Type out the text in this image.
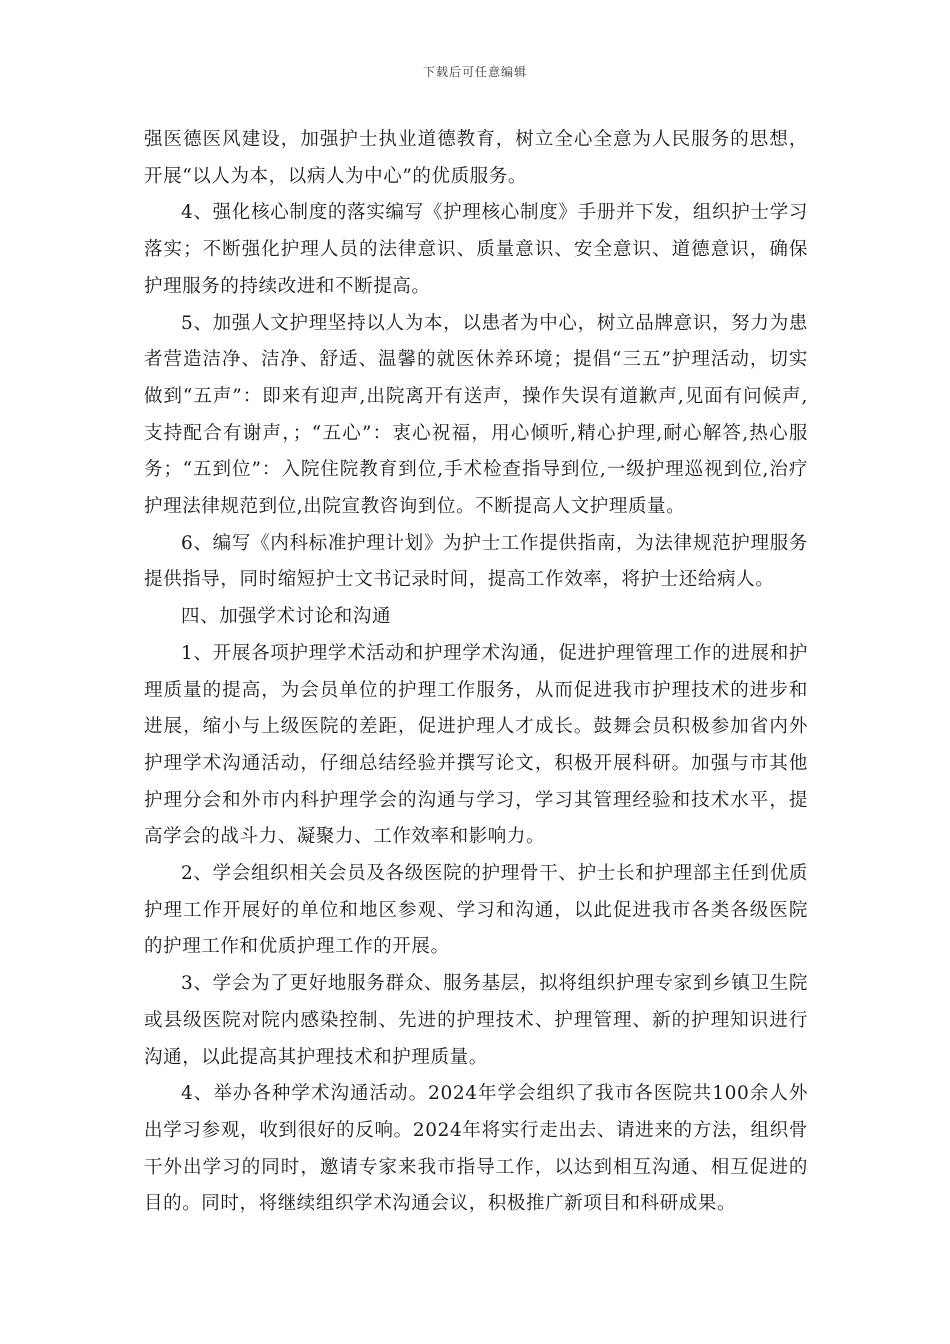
下载后可任意编辑

强医德医风建设，加强护士执业道德教育，树立全心全意为人民服务的思想，开展“以人为本，以病人为中心”的优质服务。

4、强化核心制度的落实编写《护理核心制度》手册并下发，组织护士学习落实；不断强化护理人员的法律意识、质量意识、安全意识、道德意识，确保护理服务的持续改进和不断提高。

5、加强人文护理坚持以人为本，以患者为中心，树立品牌意识，努力为患者营造洁净、洁净、舒适、温馨的就医休养环境；提倡“三五”护理活动，切实做到“五声”：即来有迎声,出院离开有送声，操作失误有道歉声,见面有问候声,支持配合有谢声，；“五心”：衷心祝福，用心倾听,精心护理,耐心解答,热心服务；“五到位”：入院住院教育到位,手术检查指导到位,一级护理巡视到位,治疗护理法律规范到位,出院宣教咨询到位。不断提高人文护理质量。

6、编写《内科标准护理计划》为护士工作提供指南，为法律规范护理服务提供指导，同时缩短护士文书记录时间，提高工作效率，将护士还给病人。

四、加强学术讨论和沟通

1、开展各项护理学术活动和护理学术沟通，促进护理管理工作的进展和护理质量的提高，为会员单位的护理工作服务，从而促进我市护理技术的进步和进展，缩小与上级医院的差距，促进护理人才成长。鼓舞会员积极参加省内外护理学术沟通活动，仔细总结经验并撰写论文，积极开展科研。加强与市其他护理分会和外市内科护理学会的沟通与学习，学习其管理经验和技术水平，提高学会的战斗力、凝聚力、工作效率和影响力。

2、学会组织相关会员及各级医院的护理骨干、护士长和护理部主任到优质护理工作开展好的单位和地区参观、学习和沟通，以此促进我市各类各级医院的护理工作和优质护理工作的开展。

3、学会为了更好地服务群众、服务基层，拟将组织护理专家到乡镇卫生院或县级医院对院内感染控制、先进的护理技术、护理管理、新的护理知识进行沟通，以此提高其护理技术和护理质量。

4、举办各种学术沟通活动。2024年学会组织了我市各医院共100余人外出学习参观，收到很好的反响。2024年将实行走出去、请进来的方法，组织骨干外出学习的同时，邀请专家来我市指导工作，以达到相互沟通、相互促进的目的。同时，将继续组织学术沟通会议，积极推广新项目和科研成果。
